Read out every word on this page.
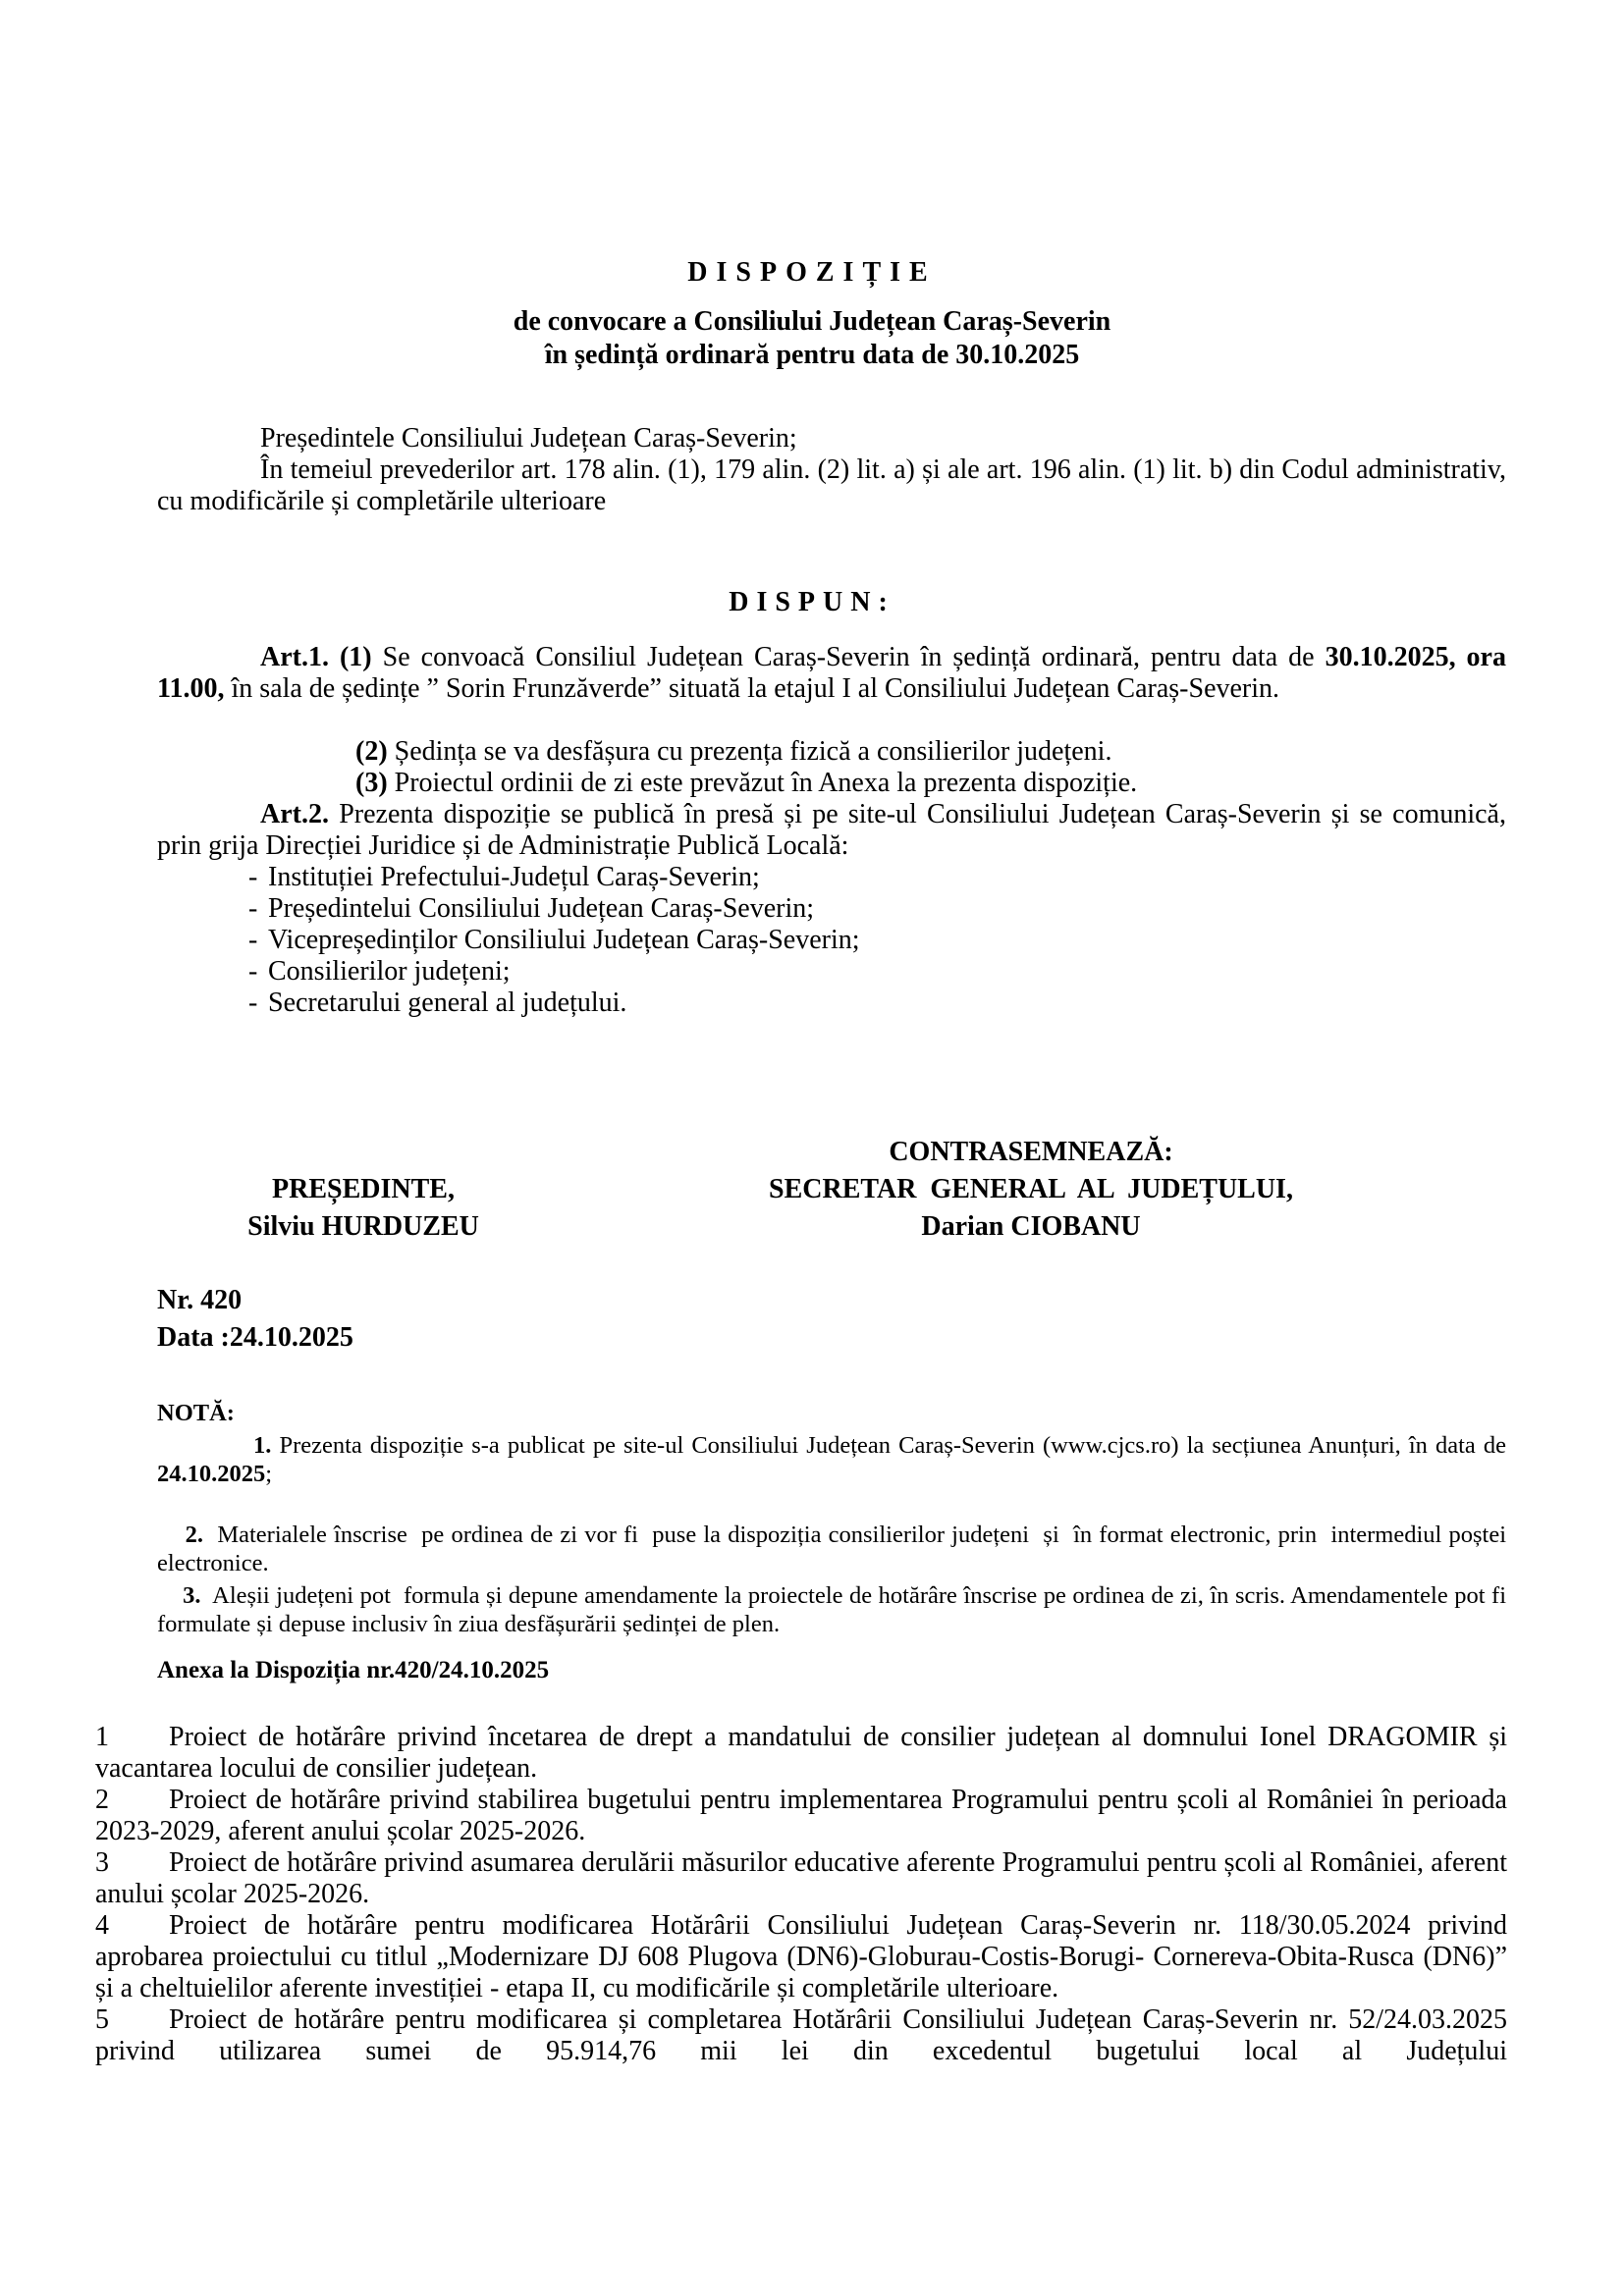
DISPOZIȚIE
de convocare a Consiliului Județean Caraș-Severin
în ședință ordinară pentru data de 30.10.2025
Președintele Consiliului Județean Caraș-Severin;
În temeiul prevederilor art. 178 alin. (1), 179 alin. (2) lit. a) și ale art. 196 alin. (1) lit. b) din Codul administrativ, cu modificările și completările ulterioare
DISPUN:
Art.1. (1) Se convoacă Consiliul Județean Caraș-Severin în ședință ordinară, pentru data de 30.10.2025, ora 11.00, în sala de ședințe ” Sorin Frunzăverde” situată la etajul I al Consiliului Județean Caraș-Severin.
(2) Ședința se va desfășura cu prezența fizică a consilierilor județeni.
(3) Proiectul ordinii de zi este prevăzut în Anexa la prezenta dispoziție.
Art.2. Prezenta dispoziție se publică în presă și pe site-ul Consiliului Județean Caraș-Severin și se comunică, prin grija Direcției Juridice și de Administrație Publică Locală:
- Instituției Prefectului-Județul Caraș-Severin;
- Președintelui Consiliului Județean Caraș-Severin;
- Vicepreședinților Consiliului Județean Caraș-Severin;
- Consilierilor județeni;
- Secretarului general al județului.
CONTRASEMNEAZĂ:
PREȘEDINTE,
Silviu HURDUZEU
SECRETAR  GENERAL  AL  JUDEȚULUI,
Darian CIOBANU
Nr. 420
Data :24.10.2025
NOTĂ:
1. Prezenta dispoziție s-a publicat pe site-ul Consiliului Județean Caraș-Severin (www.cjcs.ro) la secțiunea Anunțuri, în data de 24.10.2025;

2.  Materialele înscrise  pe ordinea de zi vor fi  puse la dispoziția consilierilor județeni  și  în format electronic, prin  intermediul poștei electronice.

3.  Aleșii județeni pot  formula și depune amendamente la proiectele de hotărâre înscrise pe ordinea de zi, în scris. Amendamentele pot fi formulate și depuse inclusiv în ziua desfășurării ședinței de plen.

Anexa la Dispoziția nr.420/24.10.2025
1 Proiect de hotărâre privind încetarea de drept a mandatului de consilier județean al domnului Ionel DRAGOMIR și vacantarea locului de consilier județean.
2 Proiect de hotărâre privind stabilirea bugetului pentru implementarea Programului pentru școli al României în perioada 2023-2029, aferent anului școlar 2025-2026.
3 Proiect de hotărâre privind asumarea derulării măsurilor educative aferente Programului pentru școli al României, aferent anului școlar 2025-2026.
4 Proiect de hotărâre pentru modificarea Hotărârii Consiliului Județean Caraș-Severin nr. 118/30.05.2024 privind aprobarea proiectului cu titlul „Modernizare DJ 608 Plugova (DN6)-Globurau-Costis-Borugi- Cornereva-Obita-Rusca (DN6)” și a cheltuielilor aferente investiției - etapa II, cu modificările și completările ulterioare.
5 Proiect de hotărâre pentru modificarea și completarea Hotărârii Consiliului Județean Caraș-Severin nr. 52/24.03.2025 privind utilizarea sumei de 95.914,76 mii lei din excedentul bugetului local al Județului
